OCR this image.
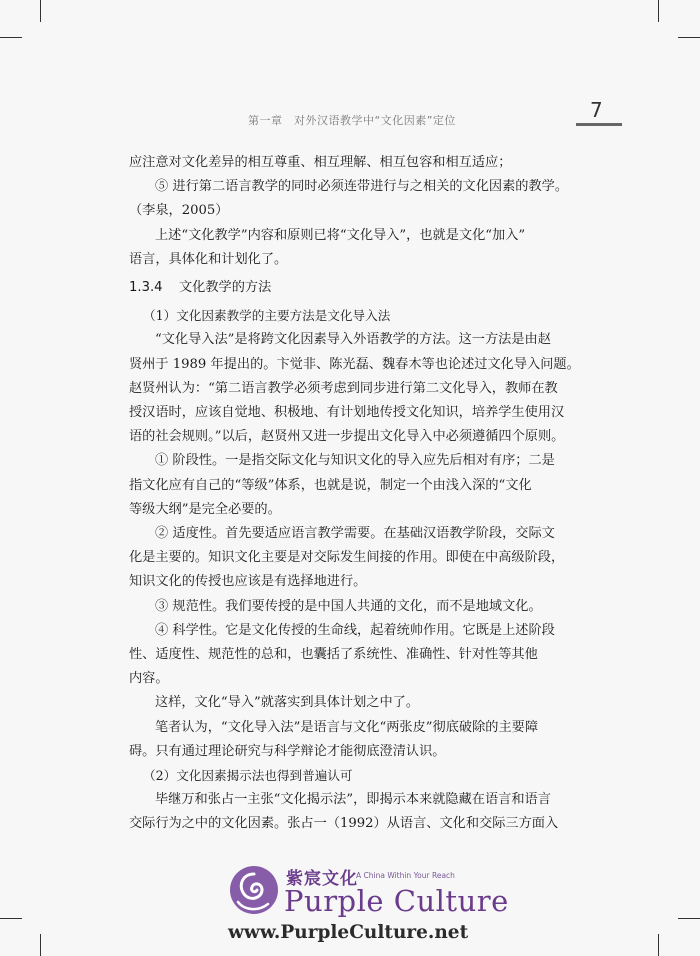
第一章　对外汉语教学中“文化因素”定位	7

应注意对文化差异的相互尊重、相互理解、相互包容和相互适应；

⑤ 进行第二语言教学的同时必须连带进行与之相关的文化因素的教学。

（李泉，2005）

上述“文化教学”内容和原则已将“文化导入”，也就是文化“加入”

语言，具体化和计划化了。

1.3.4 文化教学的方法

（1）文化因素教学的主要方法是文化导入法

“文化导入法”是将跨文化因素导入外语教学的方法。这一方法是由赵

贤州于 1989 年提出的。卞觉非、陈光磊、魏春木等也论述过文化导入问题。

赵贤州认为：“第二语言教学必须考虑到同步进行第二文化导入，教师在教

授汉语时，应该自觉地、积极地、有计划地传授文化知识，培养学生使用汉

语的社会规则。”以后，赵贤州又进一步提出文化导入中必须遵循四个原则。

① 阶段性。一是指交际文化与知识文化的导入应先后相对有序；二是

指文化应有自己的“等级”体系，也就是说，制定一个由浅入深的“文化

等级大纲”是完全必要的。

② 适度性。首先要适应语言教学需要。在基础汉语教学阶段，交际文

化是主要的。知识文化主要是对交际发生间接的作用。即使在中高级阶段，

知识文化的传授也应该是有选择地进行。

③ 规范性。我们要传授的是中国人共通的文化，而不是地域文化。

④ 科学性。它是文化传授的生命线，起着统帅作用。它既是上述阶段

性、适度性、规范性的总和，也囊括了系统性、准确性、针对性等其他

内容。

这样，文化“导入”就落实到具体计划之中了。

笔者认为，“文化导入法”是语言与文化“两张皮”彻底破除的主要障

碍。只有通过理论研究与科学辩论才能彻底澄清认识。

（2）文化因素揭示法也得到普遍认可

毕继万和张占一主张“文化揭示法”，即揭示本来就隐藏在语言和语言

交际行为之中的文化因素。张占一（1992）从语言、文化和交际三方面入

紫宸文化
A China Within Your Reach
Purple Culture
www.PurpleCulture.net
